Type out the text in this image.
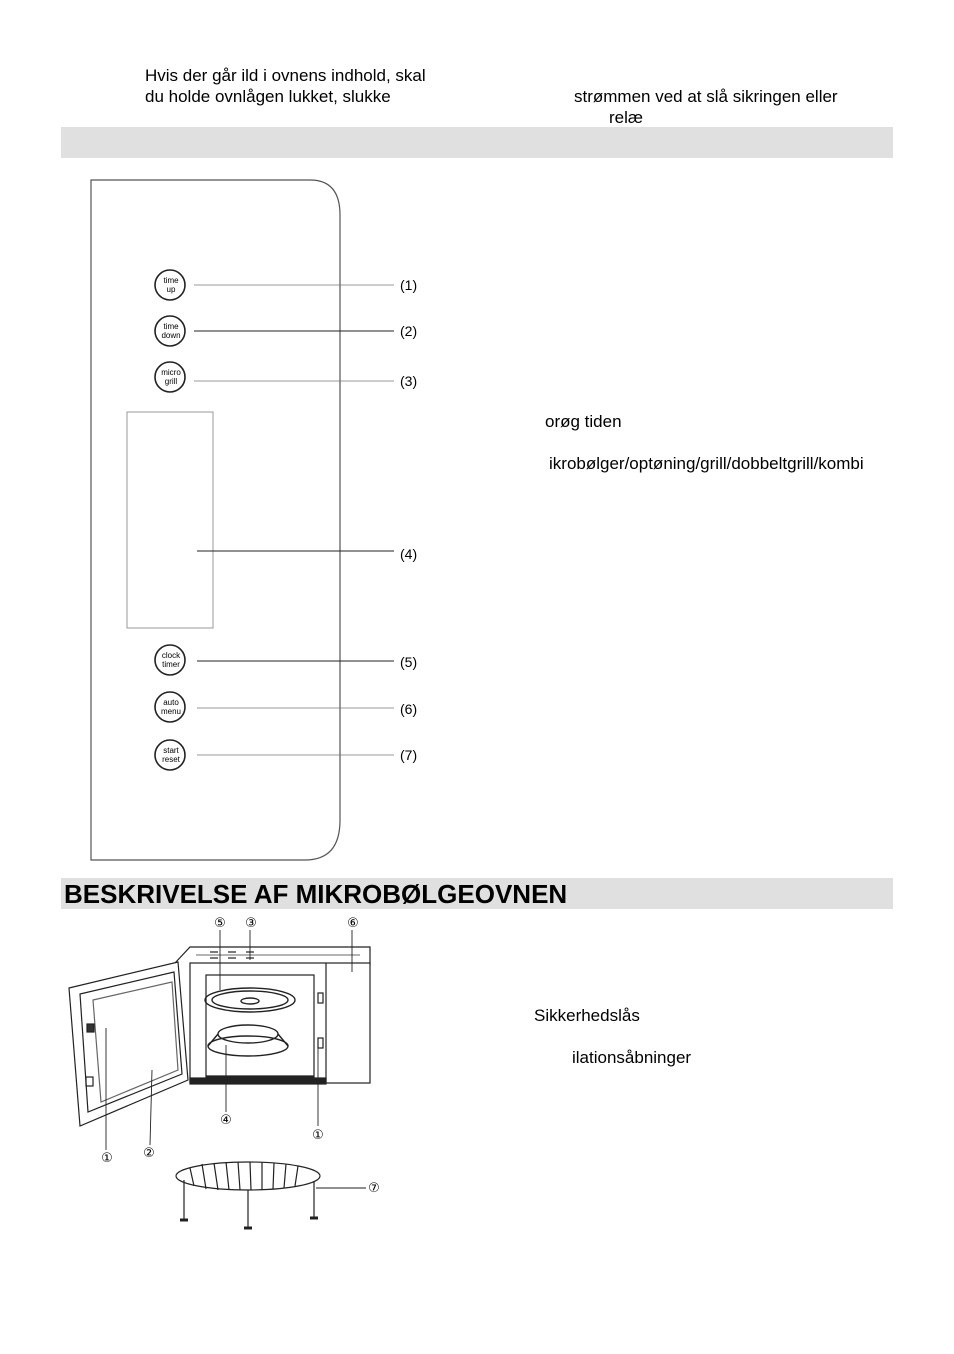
Hvis der går ild i ovnens indhold, skal
du holde ovnlågen lukket, slukke	strømmen ved at slå sikringen eller
relæ
orøg tiden
ikrobølger/optøning/grill/dobbeltgrill/kombi
time
up
time
down
micro
grill
clock
timer
auto
menu
start
reset
(1)
(2)
(3)
(4)
(5)
(6)
(7)
BESKRIVELSE AF MIKROBØLGEOVNEN
⑤ ③	⑥
④
①
① ②
⑦
Sikkerhedslås
ilationsåbninger
